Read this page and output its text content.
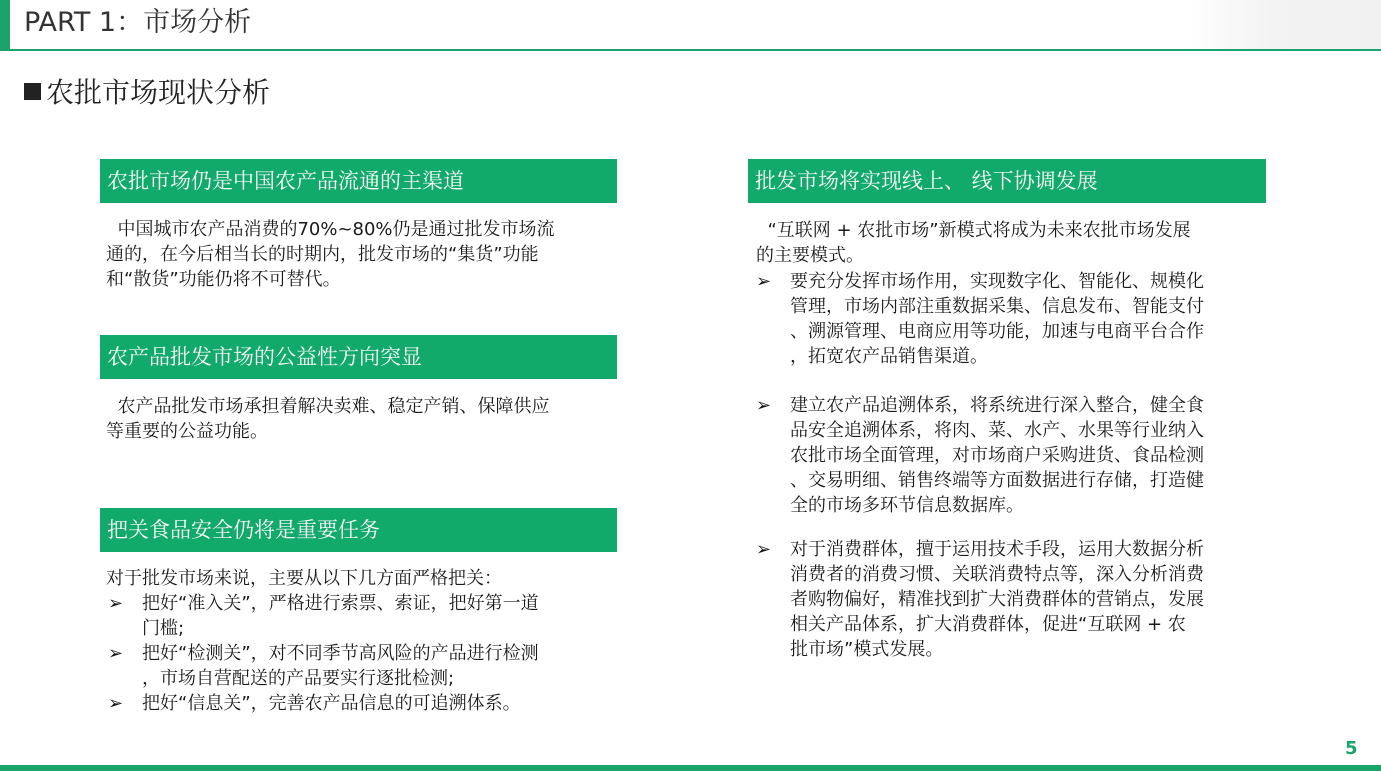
PART 1：市场分析
农批市场现状分析
农批市场仍是中国农产品流通的主渠道
中国城市农产品消费的70%~80%仍是通过批发市场流
通的，在今后相当长的时期内，批发市场的“集货”功能
和“散货”功能仍将不可替代。
农产品批发市场的公益性方向突显
农产品批发市场承担着解决卖难、稳定产销、保障供应
等重要的公益功能。
把关食品安全仍将是重要任务
对于批发市场来说，主要从以下几方面严格把关：
➢ 把好“准入关”，严格进行索票、索证，把好第一道
门槛;
➢ 把好“检测关”，对不同季节高风险的产品进行检测
，市场自营配送的产品要实行逐批检测;
➢ 把好“信息关”，完善农产品信息的可追溯体系。
批发市场将实现线上、 线下协调发展
“互联网 + 农批市场”新模式将成为未来农批市场发展
的主要模式。
➢ 要充分发挥市场作用，实现数字化、智能化、规模化
管理，市场内部注重数据采集、信息发布、智能支付
、溯源管理、电商应用等功能，加速与电商平台合作
，拓宽农产品销售渠道。
➢ 建立农产品追溯体系，将系统进行深入整合，健全食
品安全追溯体系，将肉、菜、水产、水果等行业纳入
农批市场全面管理，对市场商户采购进货、食品检测
、交易明细、销售终端等方面数据进行存储，打造健
全的市场多环节信息数据库。
➢ 对于消费群体，擅于运用技术手段，运用大数据分析
消费者的消费习惯、关联消费特点等，深入分析消费
者购物偏好，精准找到扩大消费群体的营销点，发展
相关产品体系，扩大消费群体，促进“互联网 + 农
批市场”模式发展。
5
